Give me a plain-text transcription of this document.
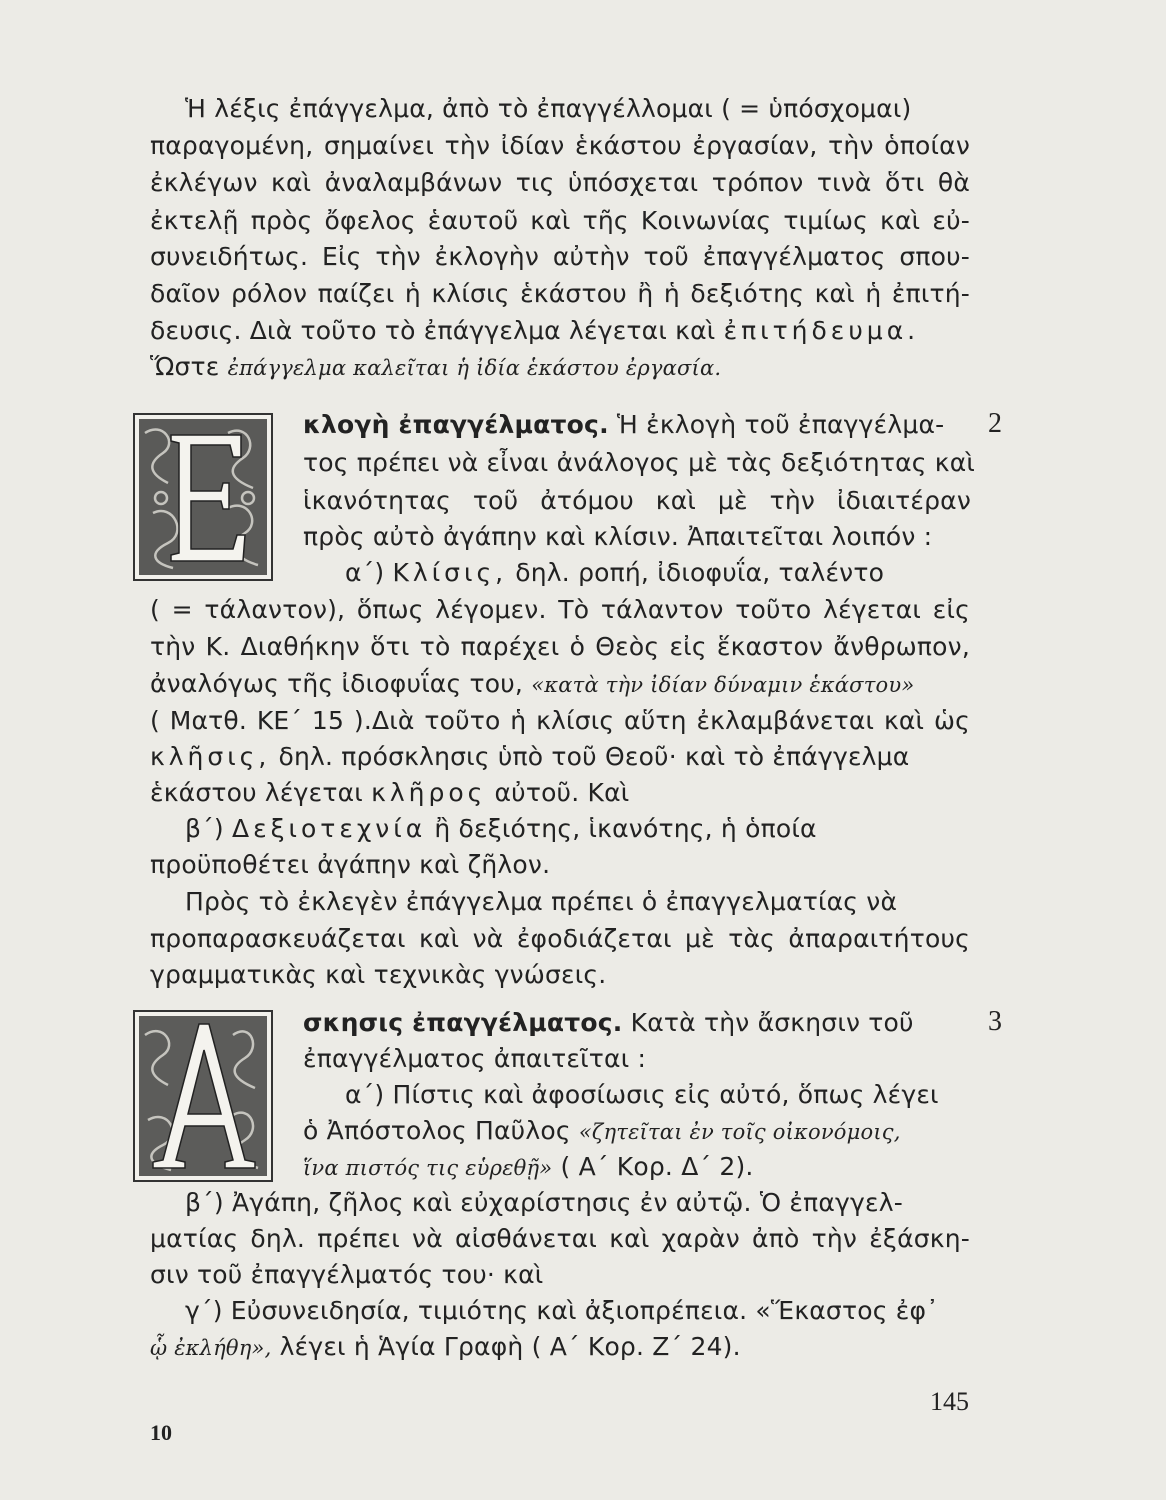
Ἡ λέξις ἐπάγγελμα, ἀπὸ τὸ ἐπαγγέλλομαι ( = ὑπόσχομαι)
παραγομένη, σημαίνει τὴν ἰδίαν ἑκάστου ἐργασίαν, τὴν ὁποίαν
ἐκλέγων καὶ ἀναλαμβάνων τις ὑπόσχεται τρόπον τινὰ ὅτι θὰ
ἐκτελῇ πρὸς ὄφελος ἑαυτοῦ καὶ τῆς Κοινωνίας τιμίως καὶ εὐ-
συνειδήτως. Εἰς τὴν ἐκλογὴν αὐτὴν τοῦ ἐπαγγέλματος σπου-
δαῖον ρόλον παίζει ἡ κλίσις ἑκάστου ἢ ἡ δεξιότης καὶ ἡ ἐπιτή-
δευσις. Διὰ τοῦτο τὸ ἐπάγγελμα λέγεται καὶ ἐπιτήδευμα.
Ὥστε ἐπάγγελμα καλεῖται ἡ ἰδία ἑκάστου ἐργασία.
2
κλογὴ ἐπαγγέλματος. Ἡ ἐκλογὴ τοῦ ἐπαγγέλμα-
τος πρέπει νὰ εἶναι ἀνάλογος μὲ τὰς δεξιότητας καὶ
ἱκανότητας τοῦ ἀτόμου καὶ μὲ τὴν ἰδιαιτέραν
πρὸς αὐτὸ ἀγάπην καὶ κλίσιν. Ἀπαιτεῖται λοιπόν :
α΄) Κλίσις, δηλ. ροπή, ἰδιοφυΐα, ταλέντο
( = τάλαντον), ὅπως λέγομεν. Τὸ τάλαντον τοῦτο λέγεται εἰς
τὴν Κ. Διαθήκην ὅτι τὸ παρέχει ὁ Θεὸς εἰς ἕκαστον ἄνθρωπον,
ἀναλόγως τῆς ἰδιοφυΐας του, «κατὰ τὴν ἰδίαν δύναμιν ἑκάστου»
( Ματθ. ΚΕ΄ 15 ).Διὰ τοῦτο ἡ κλίσις αὕτη ἐκλαμβάνεται καὶ ὡς
κλῆσις, δηλ. πρόσκλησις ὑπὸ τοῦ Θεοῦ· καὶ τὸ ἐπάγγελμα
ἑκάστου λέγεται κλῆρος αὐτοῦ. Καὶ
β΄) Δεξιοτεχνία ἢ δεξιότης, ἱκανότης, ἡ ὁποία
προϋποθέτει ἀγάπην καὶ ζῆλον.
Πρὸς τὸ ἐκλεγὲν ἐπάγγελμα πρέπει ὁ ἐπαγγελματίας νὰ
προπαρασκευάζεται καὶ νὰ ἐφοδιάζεται μὲ τὰς ἀπαραιτήτους
γραμματικὰς καὶ τεχνικὰς γνώσεις.
3
σκησις ἐπαγγέλματος. Κατὰ τὴν ἄσκησιν τοῦ
ἐπαγγέλματος ἀπαιτεῖται :
α΄) Πίστις καὶ ἀφοσίωσις εἰς αὐτό, ὅπως λέγει
ὁ Ἀπόστολος Παῦλος «ζητεῖται ἐν τοῖς οἰκονόμοις,
ἵνα πιστός τις εὑρεθῇ» ( Α΄ Κορ. Δ΄ 2).
β΄) Ἀγάπη, ζῆλος καὶ εὐχαρίστησις ἐν αὐτῷ. Ὁ ἐπαγγελ-
ματίας δηλ. πρέπει νὰ αἰσθάνεται καὶ χαρὰν ἀπὸ τὴν ἐξάσκη-
σιν τοῦ ἐπαγγέλματός του· καὶ
γ΄) Εὐσυνειδησία, τιμιότης καὶ ἀξιοπρέπεια. «Ἕκαστος ἐφ᾿
ᾧ ἐκλήθη», λέγει ἡ Ἁγία Γραφὴ ( Α΄ Κορ. Ζ΄ 24).
145
10
